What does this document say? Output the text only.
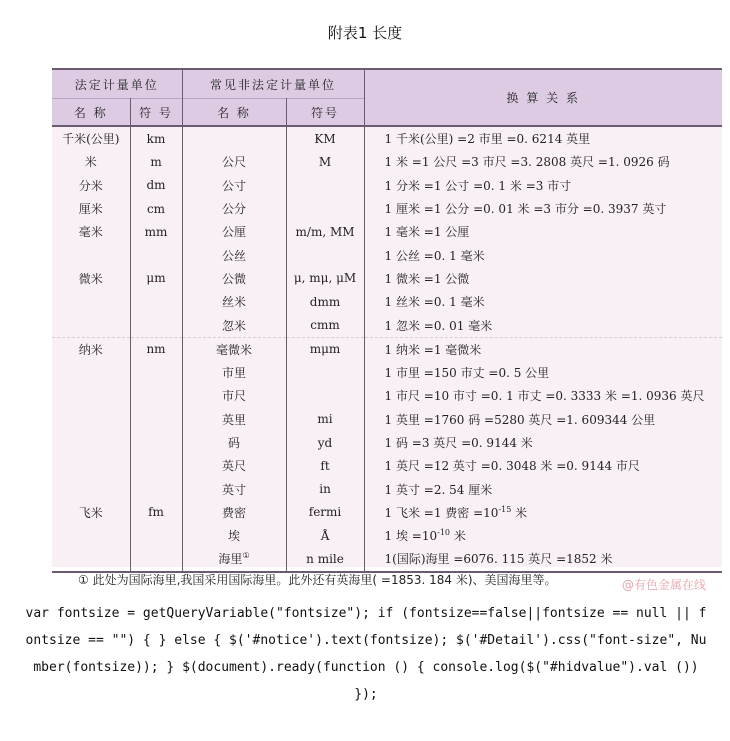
附表1 长度
法定计量单位		常见非法定计量单位		换 算 关 系
名 称	符 号	名 称	符号	
千米(公里)	km		KM	1 千米(公里) =2 市里 =0. 6214 英里
米	m	公尺	M	1 米 =1 公尺 =3 市尺 =3. 2808 英尺 =1. 0926 码
分米	dm	公寸		1 分米 =1 公寸 =0. 1 米 =3 市寸
厘米	cm	公分		1 厘米 =1 公分 =0. 01 米 =3 市分 =0. 3937 英寸
毫米	mm	公厘	m/m, MM	1 毫米 =1 公厘
		公丝		1 公丝 =0. 1 毫米
微米	μm	公微	μ, mμ, μM	1 微米 =1 公微
		丝米	dmm	1 丝米 =0. 1 毫米
		忽米	cmm	1 忽米 =0. 01 毫米
纳米	nm	毫微米	mμm	1 纳米 =1 毫微米
		市里		1 市里 =150 市丈 =0. 5 公里
		市尺		1 市尺 =10 市寸 =0. 1 市丈 =0. 3333 米 =1. 0936 英尺
		英里	mi	1 英里 =1760 码 =5280 英尺 =1. 609344 公里
		码	yd	1 码 =3 英尺 =0. 9144 米
		英尺	ft	1 英尺 =12 英寸 =0. 3048 米 =0. 9144 市尺
		英寸	in	1 英寸 =2. 54 厘米
飞米	fm	费密	fermi	1 飞米 =1 费密 $=10^{-15}$ 米
		埃	Å	1 埃 $=10^{-10}$ 米
		海里①	n mile	1(国际)海里 =6076. 115 英尺 =1852 米
① 此处为国际海里,我国采用国际海里。此外还有英海里( =1853. 184 米)、美国海里等。	@有色金属在线
var fontsize = getQueryVariable("fontsize"); if (fontsize==false||fontsize == null || fontsize == "") { } else { $('#notice').text(fontsize); $('#Detail').css("font-size", Number(fontsize)); } $(document).ready(function () { console.log($("#hidvalue").val ()) });
